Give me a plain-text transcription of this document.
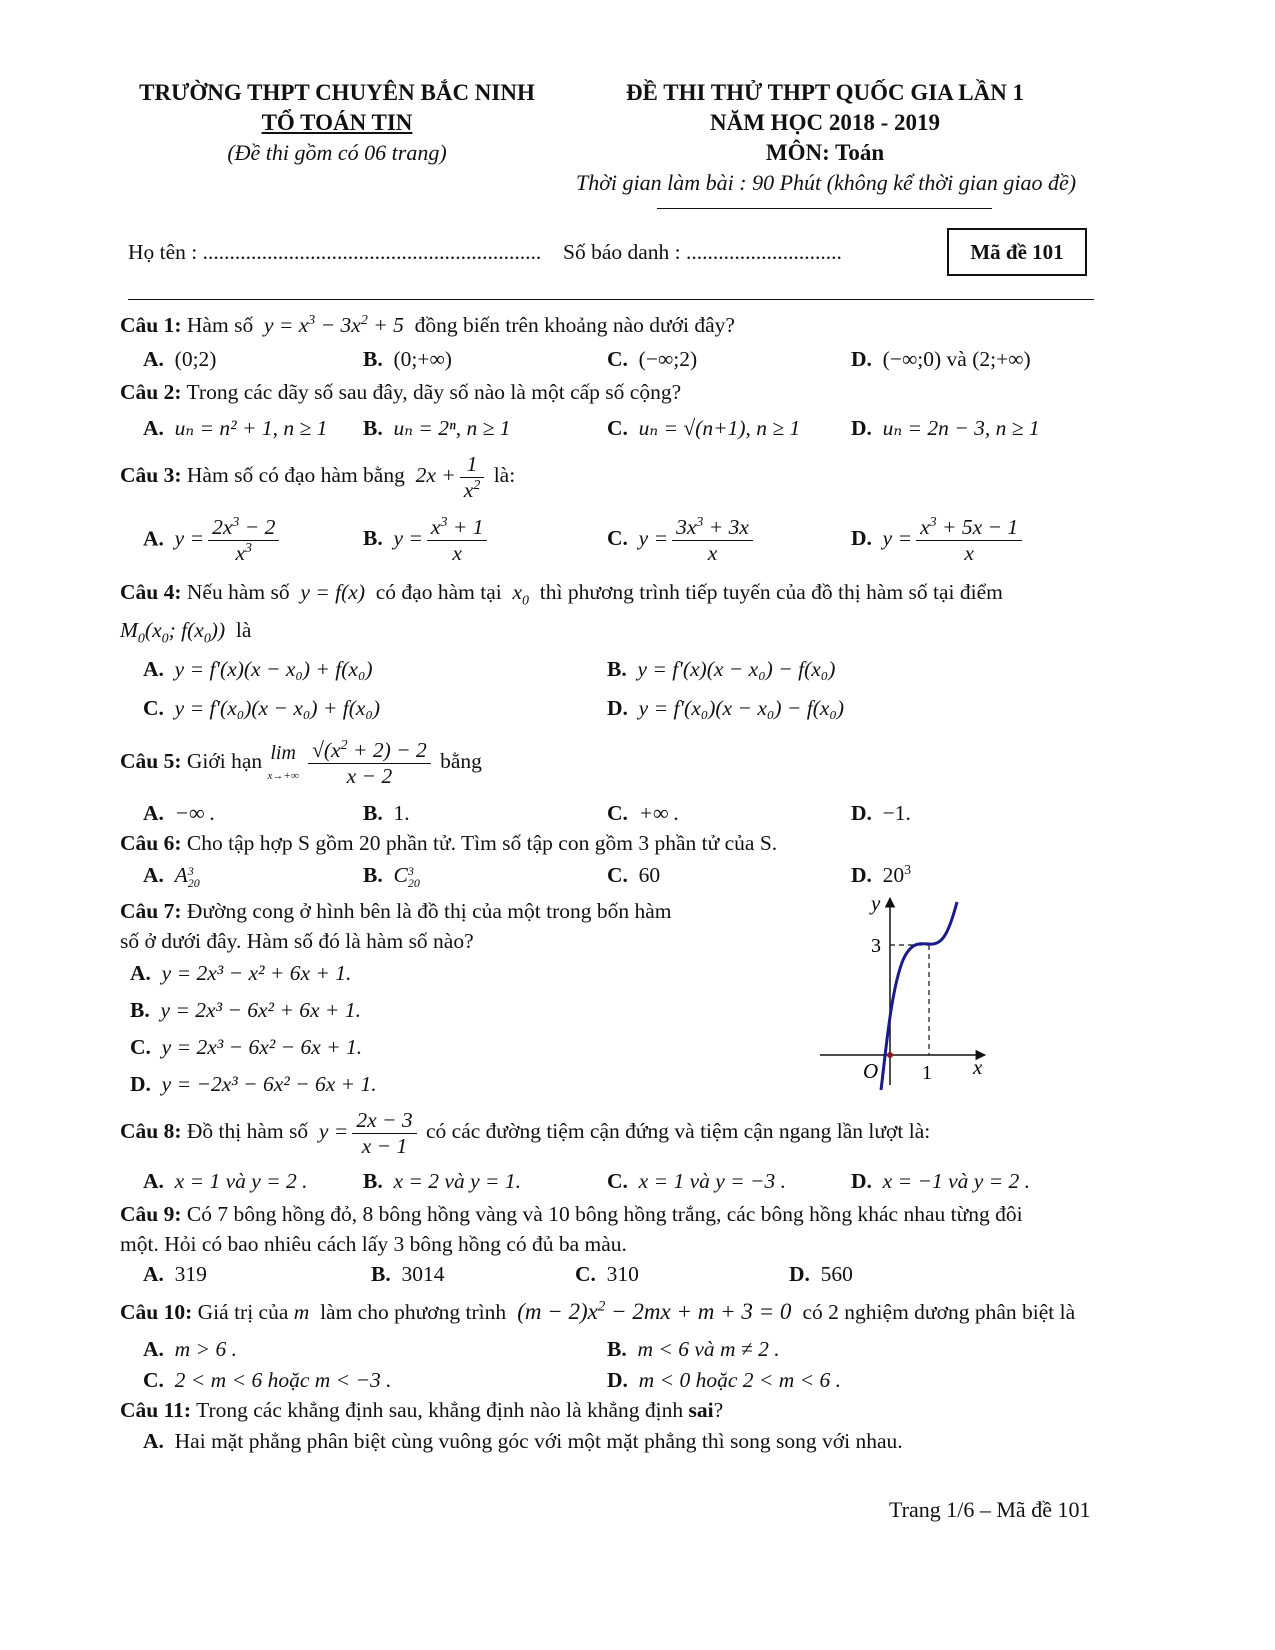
TRƯỜNG THPT CHUYÊN BẮC NINH
TỔ TOÁN TIN
(Đề thi gồm có 06 trang)
ĐỀ THI THỬ THPT QUỐC GIA LẦN 1
NĂM HỌC 2018 - 2019
MÔN: Toán
Thời gian làm bài : 90 Phút (không kể thời gian giao đề)
Họ tên : ............................................................... Số báo danh : .............................	Mã đề 101
Câu 1: Hàm số  $y = x^3 - 3x^2 + 5$  đồng biến trên khoảng nào dưới đây?
A. (0;2)	B. (0;+∞)	C. (−∞;2)	D. (−∞;0) và (2;+∞)
Câu 2: Trong các dãy số sau đây, dãy số nào là một cấp số cộng?
A. uₙ = n² + 1, n ≥ 1 B. uₙ = 2ⁿ, n ≥ 1	C. uₙ = √(n+1), n ≥ 1 D. uₙ = 2n − 3, n ≥ 1
Câu 3: Hàm số có đạo hàm bằng  $2x + \frac{1}{x^2}$ là:
A. $y = \frac{2x^3 - 2}{x^3}$	B. $y = \frac{x^3 + 1}{x}$	C. $y = \frac{3x^3 + 3x}{x}$	D. $y = \frac{x^3 + 5x - 1}{x}$
Câu 4: Nếu hàm số  y = f(x)  có đạo hàm tại  $x_0$ thì phương trình tiếp tuyến của đồ thị hàm số tại điểm
$M_0(x_0$; $f(x_0)$)  là
A. y = f'(x)(x − x₀) + f(x₀)	B. y = f'(x)(x − x₀) − f(x₀)
C. y = f'(x₀)(x − x₀) + f(x₀)	D. y = f'(x₀)(x − x₀) − f(x₀)
Câu 5: Giới hạn lim
$x\to+\infty \frac{√(x^2 + 2) - 2}{x - 2}$ bằng
A. −∞ .	B. 1.	C. +∞ .	D. −1.
Câu 6: Cho tập hợp S gồm 20 phần tử. Tìm số tập con gồm 3 phần tử của S.
A. A3
20	B. C3
20	C. 60	D. $20^3$
Câu 7: Đường cong ở hình bên là đồ thị của một trong bốn hàm
số ở dưới đây. Hàm số đó là hàm số nào?
A. y = 2x³ − x² + 6x + 1.
B. y = 2x³ − 6x² + 6x + 1.
C. y = 2x³ − 6x² − 6x + 1.
D. y = −2x³ − 6x² − 6x + 1.
y
x
O 1
3
Câu 8: Đồ thị hàm số  $y = \frac{2x - 3}{x - 1}$ có các đường tiệm cận đứng và tiệm cận ngang lần lượt là:
A. x = 1 và y = 2 .	B. x = 2 và y = 1.	C. x = 1 và y = −3 .	D. x = −1 và y = 2 .
Câu 9: Có 7 bông hồng đỏ, 8 bông hồng vàng và 10 bông hồng trắng, các bông hồng khác nhau từng đôi
một. Hỏi có bao nhiêu cách lấy 3 bông hồng có đủ ba màu.
A. 319	B. 3014	C. 310	D. 560
Câu 10: Giá trị của m  làm cho phương trình  $(m - 2)x^2 - 2mx + m + 3 = 0$  có 2 nghiệm dương phân biệt là
A. m > 6 .	B. m < 6 và m ≠ 2 .
C. 2 < m < 6 hoặc m < −3 .	D. m < 0 hoặc 2 < m < 6 .
Câu 11: Trong các khẳng định sau, khẳng định nào là khẳng định sai?
A. Hai mặt phẳng phân biệt cùng vuông góc với một mặt phẳng thì song song với nhau.
Trang 1/6 – Mã đề 101
